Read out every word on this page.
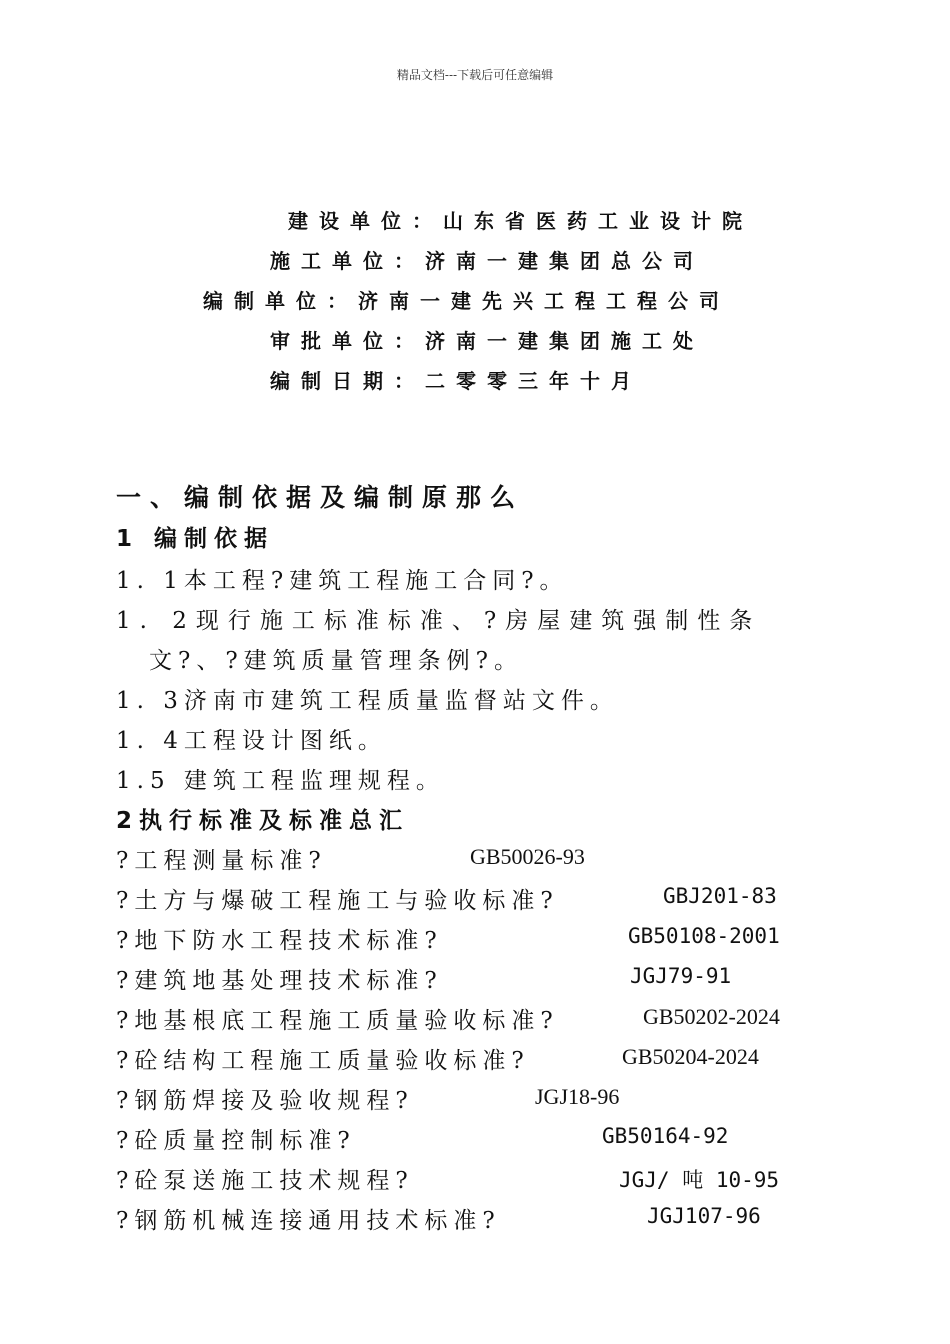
精品文档---下载后可任意编辑
建设单位：山东省医药工业设计院
施工单位：济南一建集团总公司
编制单位：济南一建先兴工程工程公司
审批单位：济南一建集团施工处
编制日期：二零零三年十月
一、编制依据及编制原那么
1 编制依据
1. 1本工程?建筑工程施工合同?。
1. 2现行施工标准标准、?房屋建筑强制性条
文?、?建筑质量管理条例?。
1. 3济南市建筑工程质量监督站文件。
1. 4工程设计图纸。
1.5 建筑工程监理规程。
2执行标准及标准总汇
?工程测量标准?	GB50026-93
?土方与爆破工程施工与验收标准?	GBJ201-83
?地下防水工程技术标准?	GB50108-2001
?建筑地基处理技术标准?	JGJ79-91
?地基根底工程施工质量验收标准?	GB50202-2024
?砼结构工程施工质量验收标准?	GB50204-2024
?钢筋焊接及验收规程?	JGJ18-96
?砼质量控制标准?	GB50164-92
?砼泵送施工技术规程?	JGJ/ 吨 10-95
?钢筋机械连接通用技术标准?	JGJ107-96
